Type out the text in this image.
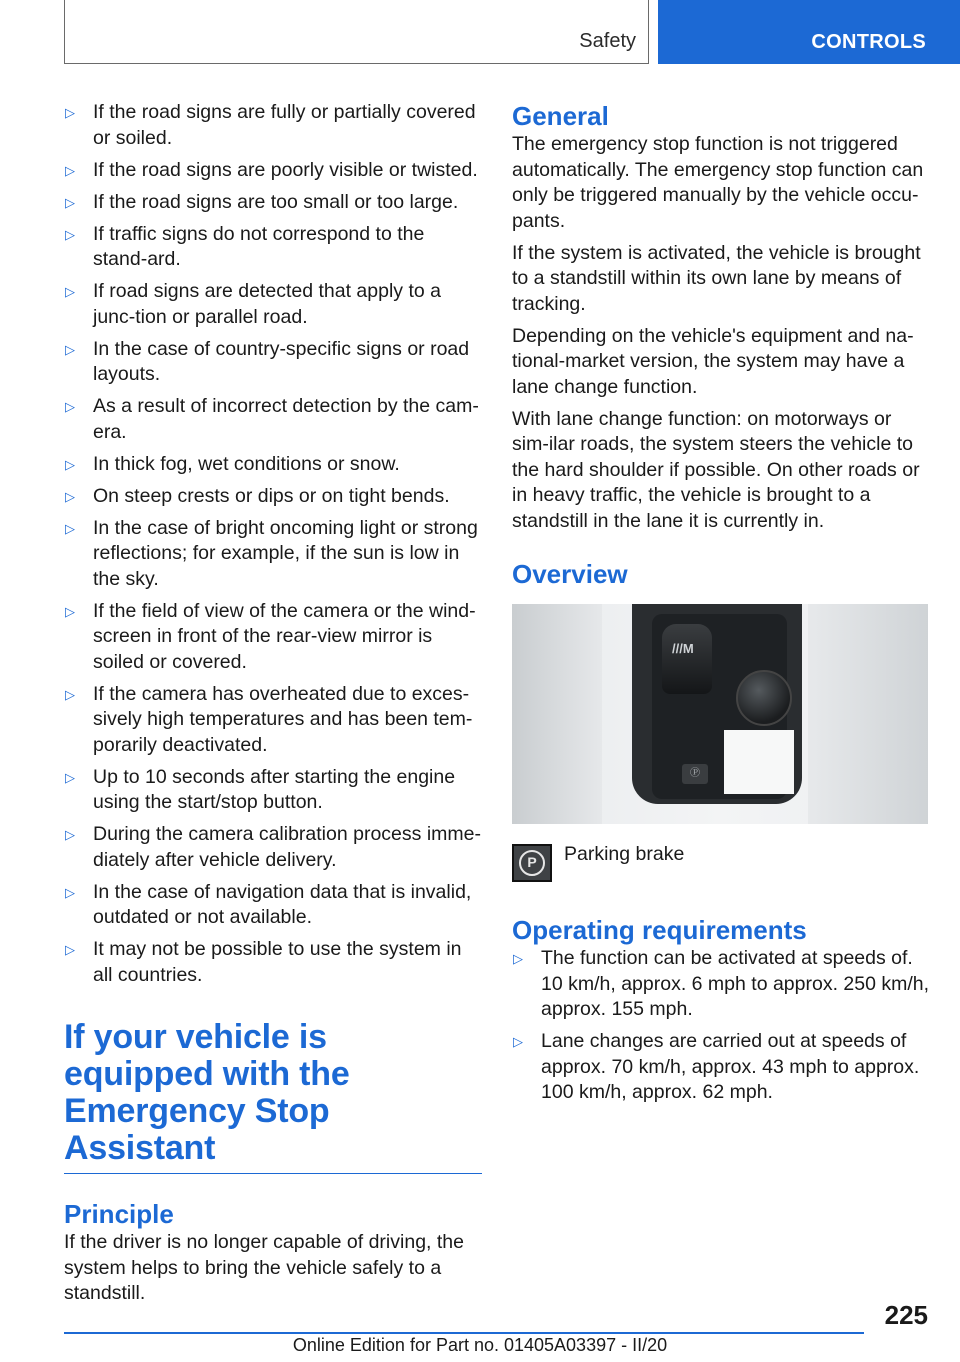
Safety	CONTROLS
▷ If the road signs are fully or partially covered or soiled.
▷ If the road signs are poorly visible or twisted.
▷ If the road signs are too small or too large.
▷ If traffic signs do not correspond to the stand‐ard.
▷ If road signs are detected that apply to a junc‐tion or parallel road.
▷ In the case of country-specific signs or road layouts.
▷ As a result of incorrect detection by the cam‐era.
▷ In thick fog, wet conditions or snow.
▷ On steep crests or dips or on tight bends.
▷ In the case of bright oncoming light or strong reflections; for example, if the sun is low in the sky.
▷ If the field of view of the camera or the wind‐screen in front of the rear-view mirror is soiled or covered.
▷ If the camera has overheated due to exces‐sively high temperatures and has been tem‐porarily deactivated.
▷ Up to 10 seconds after starting the engine using the start/stop button.
▷ During the camera calibration process imme‐diately after vehicle delivery.
▷ In the case of navigation data that is invalid, outdated or not available.
▷ It may not be possible to use the system in all countries.
If your vehicle is equipped with the Emergency Stop Assistant
Principle

If the driver is no longer capable of driving, the system helps to bring the vehicle safely to a standstill.

General

The emergency stop function is not triggered automatically. The emergency stop function can only be triggered manually by the vehicle occu‐pants.

If the system is activated, the vehicle is brought to a standstill within its own lane by means of tracking.

Depending on the vehicle's equipment and na‐tional-market version, the system may have a lane change function.

With lane change function: on motorways or sim‐ilar roads, the system steers the vehicle to the hard shoulder if possible. On other roads or in heavy traffic, the vehicle is brought to a standstill in the lane it is currently in.

Overview
///M
Ⓟ
P	Parking brake
Operating requirements
▷ The function can be activated at speeds of. 10 km/h, approx. 6 mph to approx. 250 km/h, approx. 155 mph.
▷ Lane changes are carried out at speeds of approx. 70 km/h, approx. 43 mph to approx. 100 km/h, approx. 62 mph.
225
Online Edition for Part no. 01405A03397 - II/20
